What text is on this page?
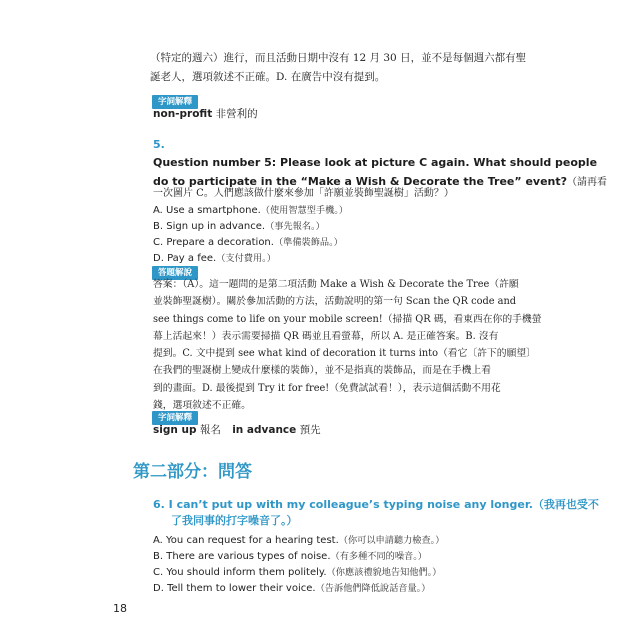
（特定的週六）進行，而且活動日期中沒有 12 月 30 日，並不是每個週六都有聖
誕老人，選項敘述不正確。D. 在廣告中沒有提到。
字詞解釋
non-profit 非營利的
5.
Question number 5: Please look at picture C again. What should people
do to participate in the “Make a Wish & Decorate the Tree” event?（請再看
一次圖片 C。人們應該做什麼來參加「許願並裝飾聖誕樹」活動？）
A. Use a smartphone.（使用智慧型手機。）
B. Sign up in advance.（事先報名。）
C. Prepare a decoration.（準備裝飾品。）
D. Pay a fee.（支付費用。）
答題解說
答案：（A）。這一題問的是第二項活動 Make a Wish & Decorate the Tree（許願
並裝飾聖誕樹）。關於參加活動的方法，活動說明的第一句 Scan the QR code and
see things come to life on your mobile screen!（掃描 QR 碼，看東西在你的手機螢
幕上活起來！）表示需要掃描 QR 碼並且看螢幕，所以 A. 是正確答案。B. 沒有
提到。C. 文中提到 see what kind of decoration it turns into（看它〔許下的願望〕
在我們的聖誕樹上變成什麼樣的裝飾），並不是指真的裝飾品，而是在手機上看
到的畫面。D. 最後提到 Try it for free!（免費試試看！），表示這個活動不用花
錢，選項敘述不正確。
字詞解釋
sign up 報名 in advance 預先
第二部分：問答
6. I can’t put up with my colleague’s typing noise any longer.（我再也受不
了我同事的打字噪音了。）
A. You can request for a hearing test.（你可以申請聽力檢查。）
B. There are various types of noise.（有多種不同的噪音。）
C. You should inform them politely.（你應該禮貌地告知他們。）
D. Tell them to lower their voice.（告訴他們降低說話音量。）
18
